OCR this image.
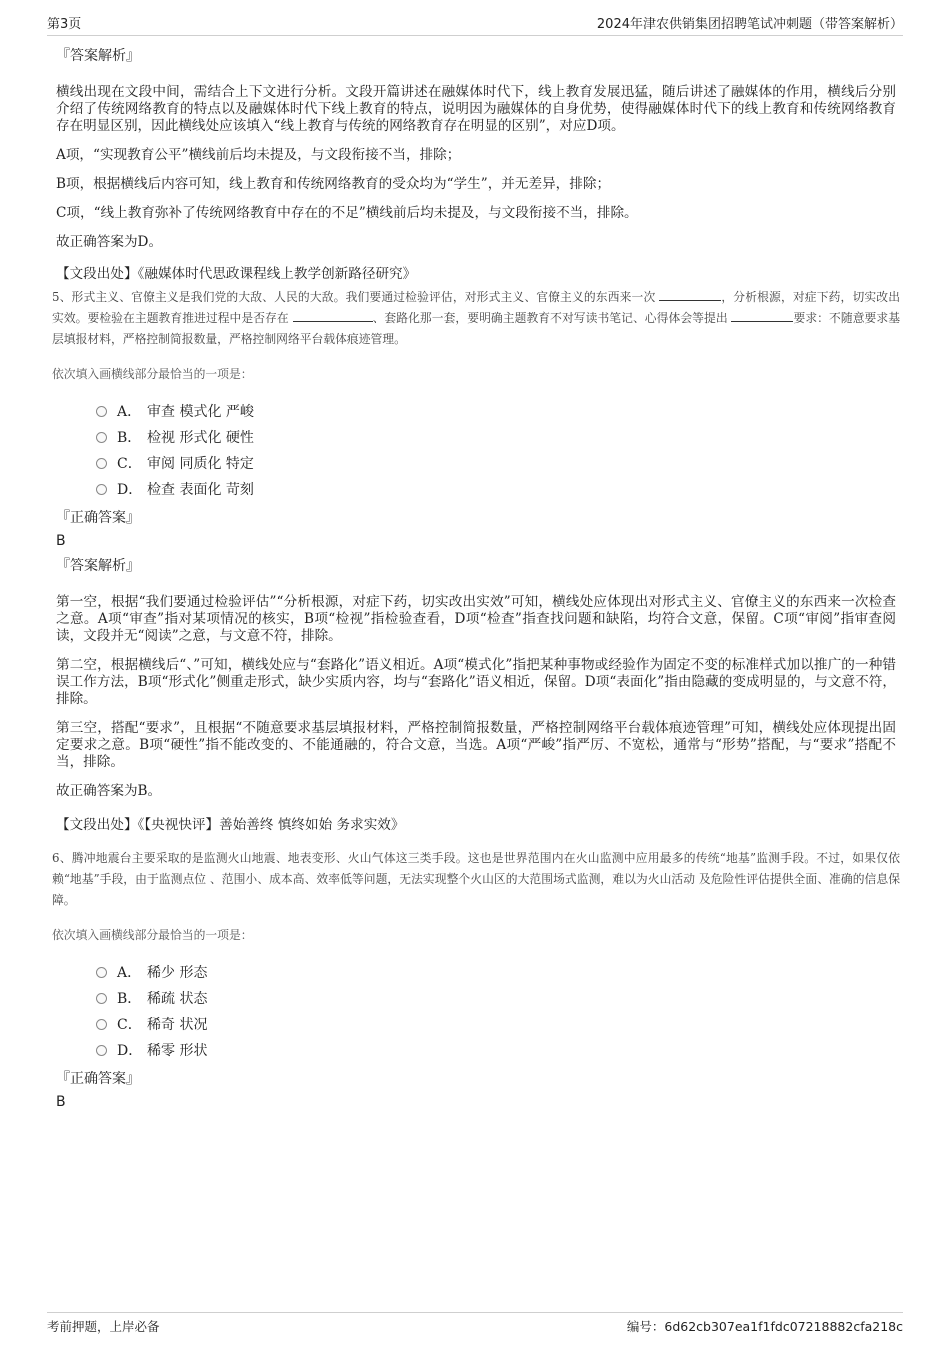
第3页	2024年津农供销集团招聘笔试冲刺题（带答案解析）
『答案解析』

横线出现在文段中间，需结合上下文进行分析。文段开篇讲述在融媒体时代下，线上教育发展迅猛，随后讲述了融媒体的作用，横线后分别介绍了传统网络教育的特点以及融媒体时代下线上教育的特点，说明因为融媒体的自身优势，使得融媒体时代下的线上教育和传统网络教育存在明显区别，因此横线处应该填入“线上教育与传统的网络教育存在明显的区别”，对应D项。

A项，“实现教育公平”横线前后均未提及，与文段衔接不当，排除；

B项，根据横线后内容可知，线上教育和传统网络教育的受众均为“学生”，并无差异，排除；

C项，“线上教育弥补了传统网络教育中存在的不足”横线前后均未提及，与文段衔接不当，排除。

故正确答案为D。

【文段出处】《融媒体时代思政课程线上教学创新路径研究》
5、形式主义、官僚主义是我们党的大敌、人民的大敌。我们要通过检验评估，对形式主义、官僚主义的东西来一次	，分析根源，对症下药，切实改出实效。要检验在主题教育推进过程中是否存在	、套路化那一套，要明确主题教育不对写读书笔记、心得体会等提出	要求：不随意要求基层填报材料，严格控制简报数量，严格控制网络平台载体痕迹管理。
依次填入画横线部分最恰当的一项是：
A． 审查 模式化 严峻
B． 检视 形式化 硬性
C． 审阅 同质化 特定
D． 检查 表面化 苛刻
『正确答案』
B
『答案解析』

第一空，根据“我们要通过检验评估”“分析根源，对症下药，切实改出实效”可知，横线处应体现出对形式主义、官僚主义的东西来一次检查之意。A项“审查”指对某项情况的核实，B项“检视”指检验查看，D项“检查”指查找问题和缺陷，均符合文意，保留。C项“审阅”指审查阅读，文段并无“阅读”之意，与文意不符，排除。

第二空，根据横线后“、”可知，横线处应与“套路化”语义相近。A项“模式化”指把某种事物或经验作为固定不变的标准样式加以推广的一种错误工作方法，B项“形式化”侧重走形式，缺少实质内容，均与“套路化”语义相近，保留。D项“表面化”指由隐藏的变成明显的，与文意不符，排除。

第三空，搭配“要求”，且根据“不随意要求基层填报材料，严格控制简报数量，严格控制网络平台载体痕迹管理”可知，横线处应体现提出固定要求之意。B项“硬性”指不能改变的、不能通融的，符合文意，当选。A项“严峻”指严厉、不宽松，通常与“形势”搭配，与“要求”搭配不当，排除。

故正确答案为B。

【文段出处】《【央视快评】善始善终 慎终如始 务求实效》
6、腾冲地震台主要采取的是监测火山地震、地表变形、火山气体这三类手段。这也是世界范围内在火山监测中应用最多的传统“地基”监测手段。不过，如果仅依赖“地基”手段，由于监测点位 、范围小、成本高、效率低等问题，无法实现整个火山区的大范围场式监测，难以为火山活动 及危险性评估提供全面、准确的信息保障。
依次填入画横线部分最恰当的一项是：
A． 稀少 形态
B． 稀疏 状态
C． 稀奇 状况
D． 稀零 形状
『正确答案』
B
考前押题，上岸必备	编号：6d62cb307ea1f1fdc07218882cfa218c
